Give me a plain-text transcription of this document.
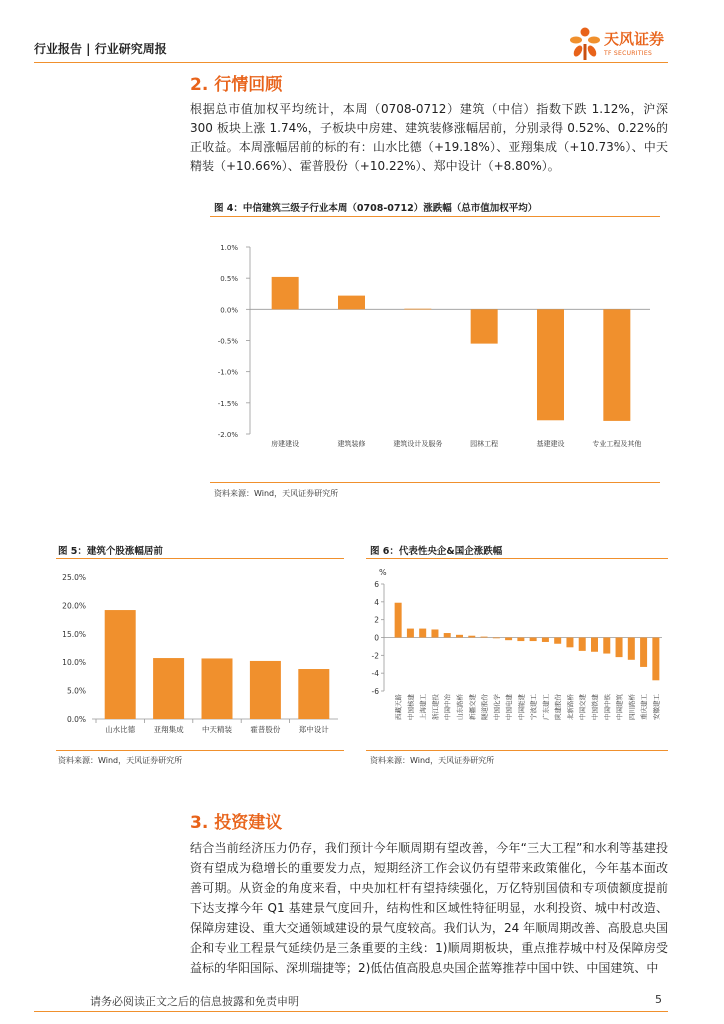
行业报告 | 行业研究周报
天风证券
TF SECURITIES
2. 行情回顾
根据总市值加权平均统计，本周（0708-0712）建筑（中信）指数下跌 1.12%，沪深 300 板块上涨 1.74%，子板块中房建、建筑装修涨幅居前，分别录得 0.52%、0.22%的正收益。本周涨幅居前的标的有：山水比德（+19.18%）、亚翔集成（+10.73%）、中天精装（+10.66%）、霍普股份（+10.22%）、郑中设计（+8.80%）。
图 4：中信建筑三级子行业本周（0708-0712）涨跌幅（总市值加权平均）
1.0%
0.5%
0.0%
-0.5%
-1.0%
-1.5%
-2.0%
房建建设	建筑装修	建筑设计及服务	园林工程	基建建设	专业工程及其他
资料来源：Wind，天风证券研究所
图 5：建筑个股涨幅居前
25.0%
20.0%
15.0%
10.0%
5.0%
0.0%
山水比德 亚翔集成 中天精装 霍普股份 郑中设计
资料来源：Wind，天风证券研究所
图 6：代表性央企&国企涨跌幅
%
6
4
2
0
-2
-4
-6
西藏天路 中国核建 上海建工 浙江建投 中国中冶 山东路桥 新疆交建 隧道股份 中国化学 中国电建 中国能建 宁波建工 广东建工 陕建股份 北新路桥 中国交建 中国铁建 中国中铁 中国建筑 四川路桥 重庆建工 安徽建工
资料来源：Wind，天风证券研究所
3. 投资建议
结合当前经济压力仍存，我们预计今年顺周期有望改善，今年“三大工程”和水利等基建投资有望成为稳增长的重要发力点，短期经济工作会议仍有望带来政策催化，今年基本面改善可期。从资金的角度来看，中央加杠杆有望持续强化，万亿特别国债和专项债额度提前下达支撑今年 Q1 基建景气度回升，结构性和区域性特征明显，水利投资、城中村改造、保障房建设、重大交通领域建设的景气度较高。我们认为，24 年顺周期改善、高股息央国企和专业工程景气延续仍是三条重要的主线：1)顺周期板块，重点推荐城中村及保障房受益标的华阳国际、深圳瑞捷等；2)低估值高股息央国企蓝筹推荐中国中铁、中国建筑、中
请务必阅读正文之后的信息披露和免责申明	5
